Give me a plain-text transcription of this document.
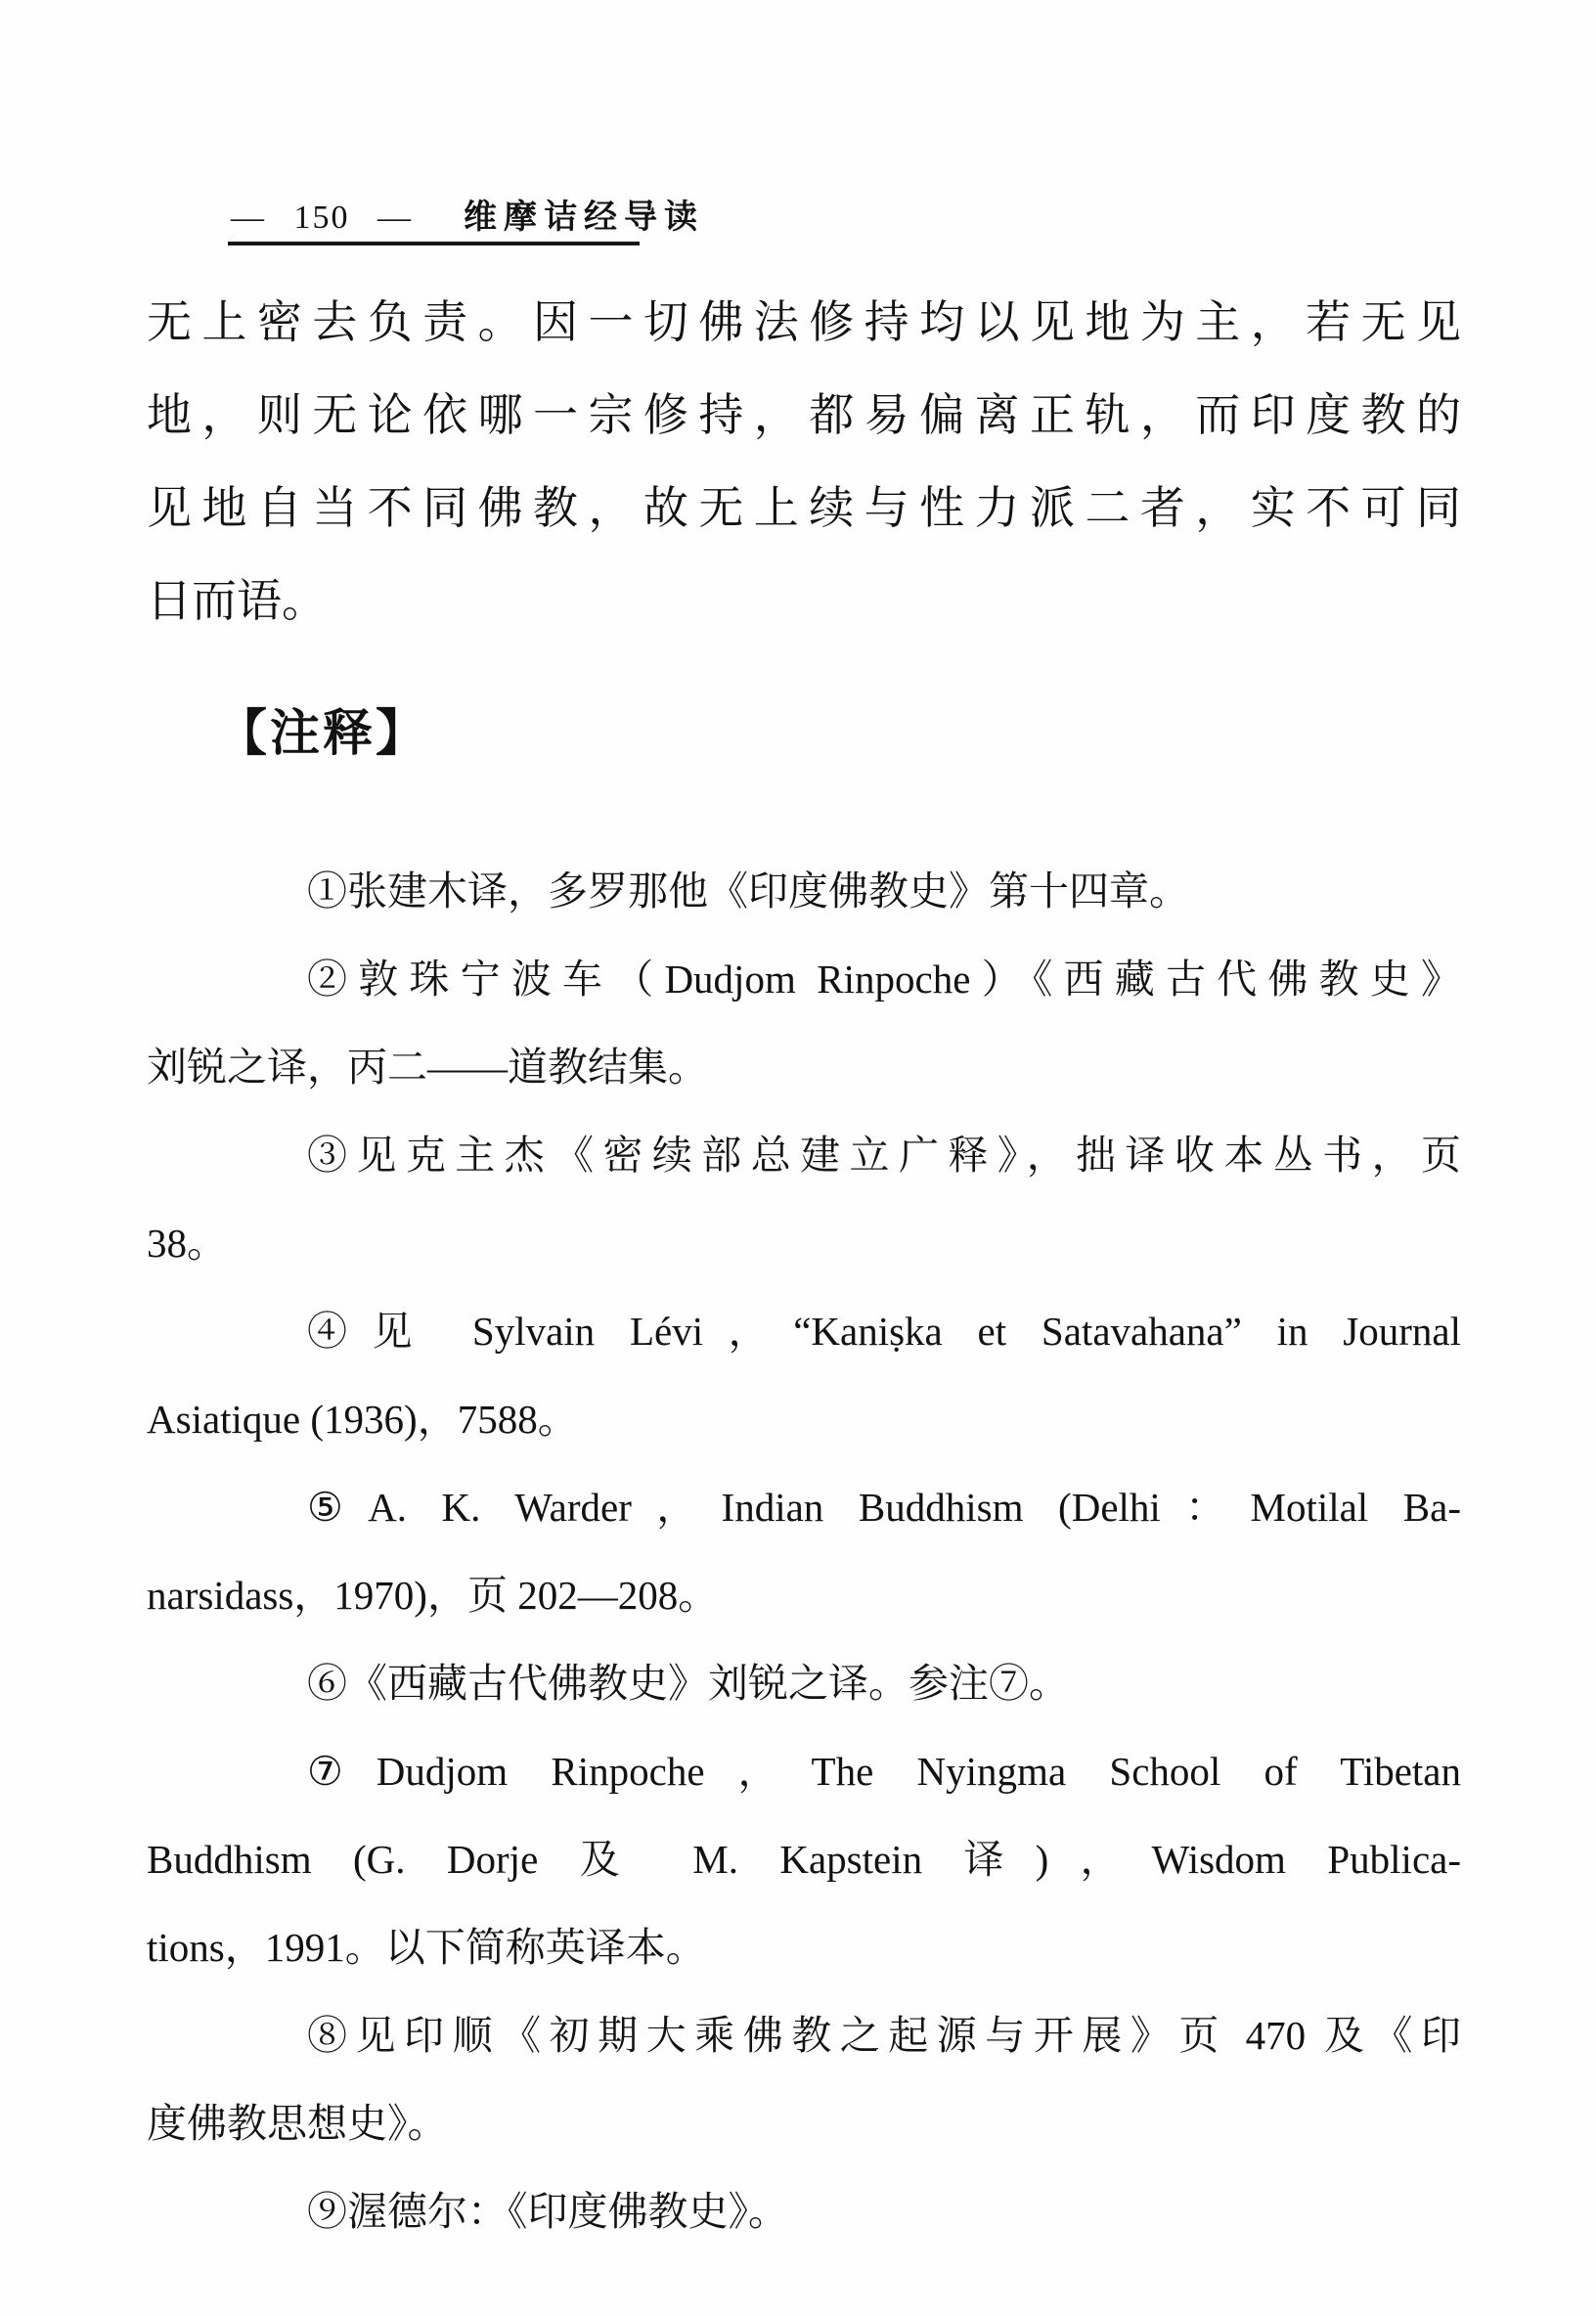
— 150 — 维摩诘经导读
无上密去负责。因一切佛法修持均以见地为主，若无见
地，则无论依哪一宗修持，都易偏离正轨，而印度教的
见地自当不同佛教，故无上续与性力派二者，实不可同
日而语。
【注释】
①张建木译，多罗那他《印度佛教史》第十四章。
②敦珠宁波车（Dudjom Rinpoche）《西藏古代佛教史》
刘锐之译，丙二——道教结集。
③见克主杰《密续部总建立广释》，拙译收本丛书，页
38。
④见 Sylvain Lévi，“Kaniṣka et Satavahana” in Journal
Asiatique (1936)，7588。
⑤A. K. Warder，Indian Buddhism (Delhi：Motilal Ba-
narsidass，1970)，页 202—208。
⑥《西藏古代佛教史》刘锐之译。参注⑦。
⑦Dudjom Rinpoche，The Nyingma School of Tibetan
Buddhism (G. Dorje 及 M. Kapstein 译)，Wisdom Publica-
tions，1991。以下简称英译本。
⑧见印顺《初期大乘佛教之起源与开展》页 470 及《印
度佛教思想史》。
⑨渥德尔：《印度佛教史》。
